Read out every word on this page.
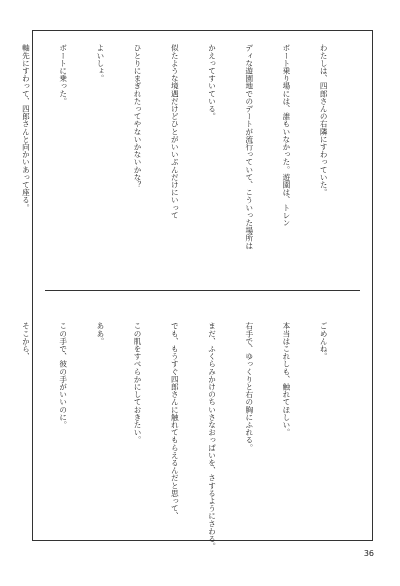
わたしは、四郎さんの右隣にすわっていた。

ボート乗り場には、誰もいなかった。遊園は、トレン

ディな遊園地でのデートが流行っていて、こういった場所は

かえってすいている。

似たような境遇だけどひとがいいぶんだけにいって

ひとりにまぎれたってやないかないかな？

よいしょ。

ボートに乗った。

軸先にすわって、四郎さんと向かいあって座る。

ごめんね。

本当はこれしも、触れてほしい。

右手で、ゆっくりと右の胸にふれる。

まだ、ふくらみかけのちいさなおっぱいを、さするようにさわる。

でも、もうすぐ四郎さんに触れてもらえるんだと思って、

この肌をすべらかにしておきたい。

ああ。

この手で、彼の手がいいのに。

そこから、

36
